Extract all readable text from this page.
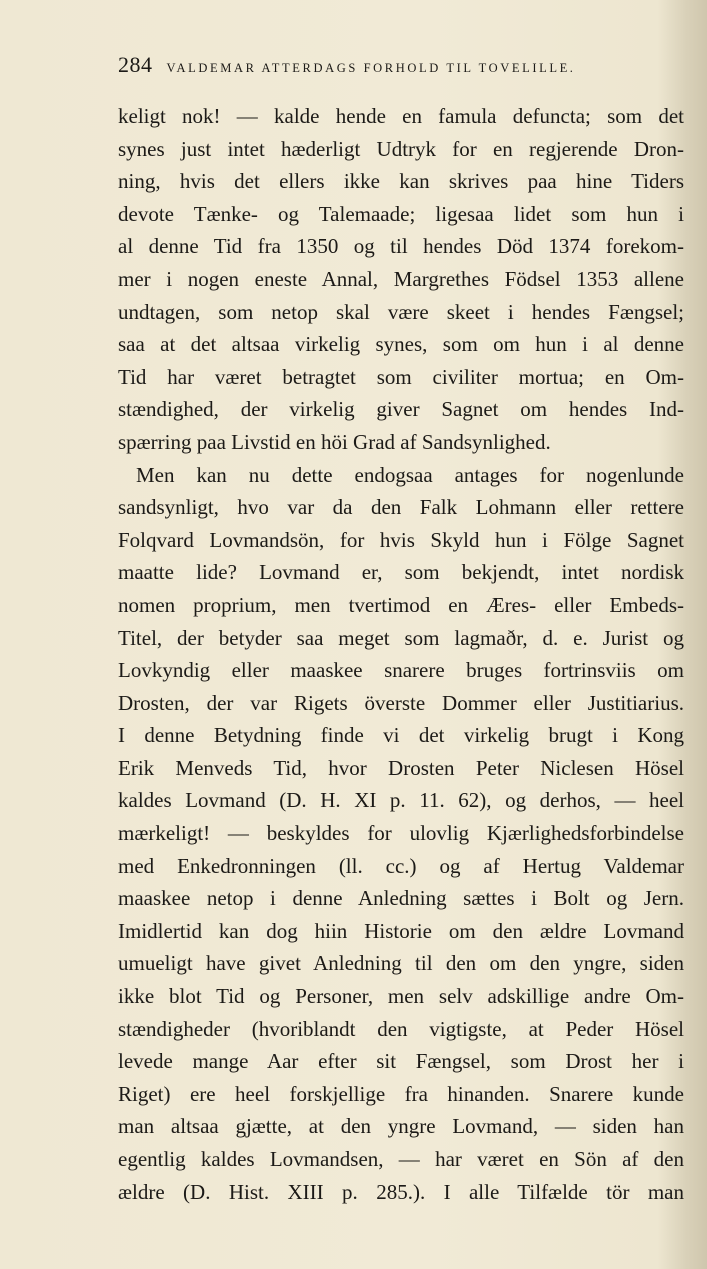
284 VALDEMAR ATTERDAGS FORHOLD TIL TOVELILLE.
keligt nok! — kalde hende en famula defuncta; som det
synes just intet hæderligt Udtryk for en regjerende Dron-
ning, hvis det ellers ikke kan skrives paa hine Tiders
devote Tænke- og Talemaade; ligesaa lidet som hun i
al denne Tid fra 1350 og til hendes Död 1374 forekom-
mer i nogen eneste Annal, Margrethes Födsel 1353 allene
undtagen, som netop skal være skeet i hendes Fængsel;
saa at det altsaa virkelig synes, som om hun i al denne
Tid har været betragtet som civiliter mortua; en Om-
stændighed, der virkelig giver Sagnet om hendes Ind-
spærring paa Livstid en höi Grad af Sandsynlighed.
Men kan nu dette endogsaa antages for nogenlunde
sandsynligt, hvo var da den Falk Lohmann eller rettere
Folqvard Lovmandsön, for hvis Skyld hun i Fölge Sagnet
maatte lide? Lovmand er, som bekjendt, intet nordisk
nomen proprium, men tvertimod en Æres- eller Embeds-
Titel, der betyder saa meget som lagmaðr, d. e. Jurist og
Lovkyndig eller maaskee snarere bruges fortrinsviis om
Drosten, der var Rigets överste Dommer eller Justitiarius.
I denne Betydning finde vi det virkelig brugt i Kong
Erik Menveds Tid, hvor Drosten Peter Niclesen Hösel
kaldes Lovmand (D. H. XI p. 11. 62), og derhos, — heel
mærkeligt! — beskyldes for ulovlig Kjærlighedsforbindelse
med Enkedronningen (ll. cc.) og af Hertug Valdemar
maaskee netop i denne Anledning sættes i Bolt og Jern.
Imidlertid kan dog hiin Historie om den ældre Lovmand
umueligt have givet Anledning til den om den yngre, siden
ikke blot Tid og Personer, men selv adskillige andre Om-
stændigheder (hvoriblandt den vigtigste, at Peder Hösel
levede mange Aar efter sit Fængsel, som Drost her i
Riget) ere heel forskjellige fra hinanden. Snarere kunde
man altsaa gjætte, at den yngre Lovmand, — siden han
egentlig kaldes Lovmandsen, — har været en Sön af den
ældre (D. Hist. XIII p. 285.). I alle Tilfælde tör man
